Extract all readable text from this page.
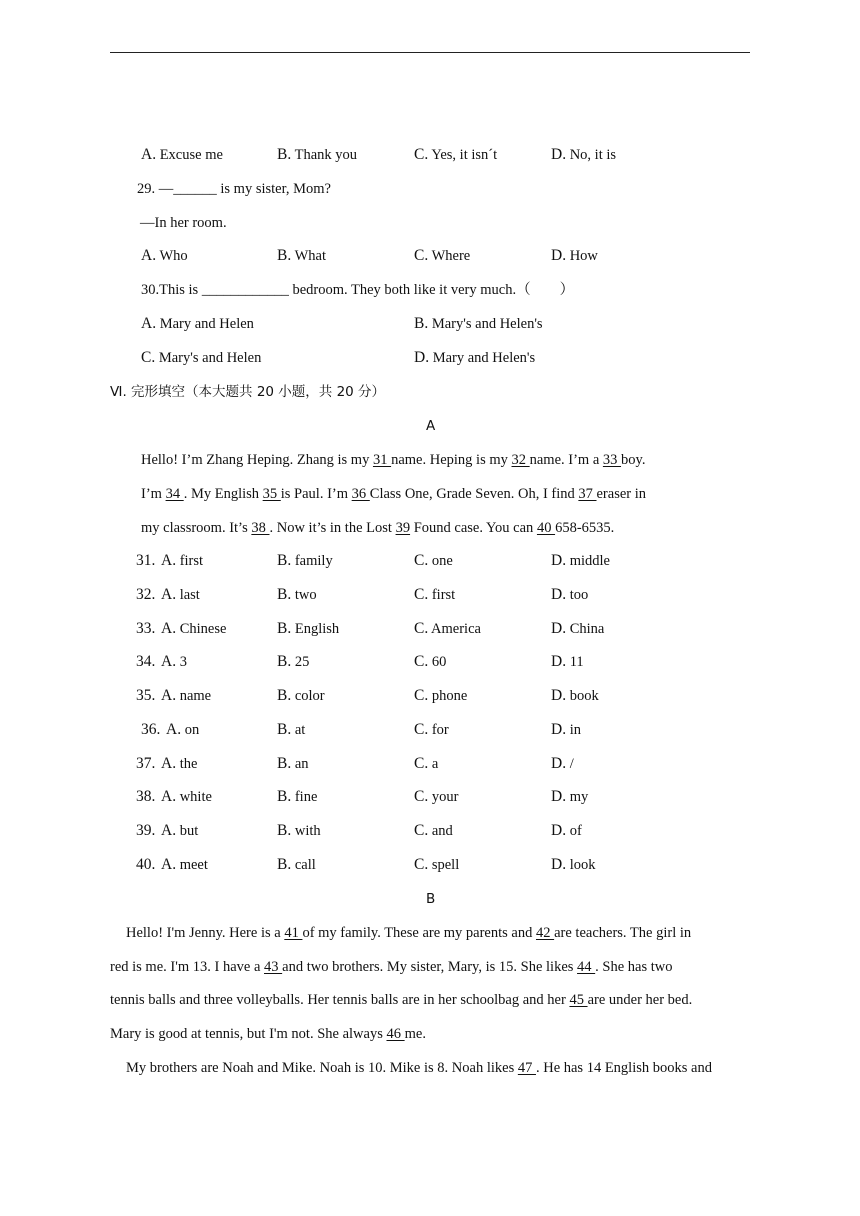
A. Excuse me	B. Thank you	C. Yes, it isnˊt	D. No, it is
29. —______ is my sister, Mom?
—In her room.
A. Who	B. What	C. Where	D. How
30.This is ____________ bedroom. They both like it very much.（　　）
A. Mary and Helen	B. Mary's and Helen's
C. Mary's and Helen	D. Mary and Helen's
Ⅵ. 完形填空（本大题共 20 小题，共 20 分）
A
Hello! I’m Zhang Heping. Zhang is my 31 name. Heping is my 32 name. I’m a 33 boy.
I’m 34 . My English 35 is Paul. I’m 36 Class One, Grade Seven. Oh, I find 37 eraser in
my classroom. It’s 38 . Now it’s in the Lost 39 Found case. You can 40 658-6535.
31. A. first	B. family	C. one	D. middle
32. A. last	B. two	C. first	D. too
33. A. Chinese	B. English	C. America	D. China
34. A. 3	B. 25	C. 60	D. 11
35. A. name	B. color	C. phone	D. book
36. A. on	B. at	C. for	D. in
37. A. the	B. an	C. a	D. /
38. A. white	B. fine	C. your	D. my
39. A. but	B. with	C. and	D. of
40. A. meet	B. call	C. spell	D. look
B
Hello! I'm Jenny. Here is a 41 of my family. These are my parents and 42 are teachers. The girl in
red is me. I'm 13. I have a 43 and two brothers. My sister, Mary, is 15. She likes 44 . She has two
tennis balls and three volleyballs. Her tennis balls are in her schoolbag and her 45 are under her bed.
Mary is good at tennis, but I'm not. She always 46 me.
My brothers are Noah and Mike. Noah is 10. Mike is 8. Noah likes 47 . He has 14 English books and
